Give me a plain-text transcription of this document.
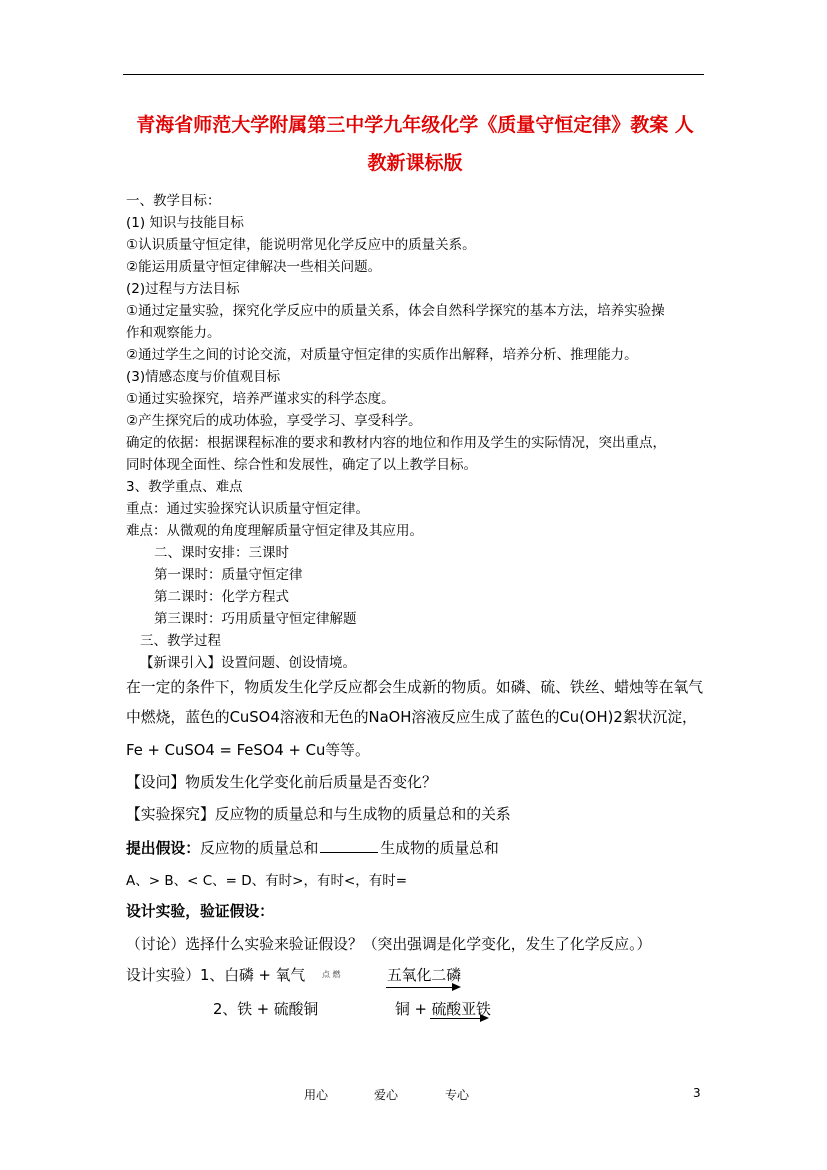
青海省师范大学附属第三中学九年级化学《质量守恒定律》教案 人
教新课标版
一、教学目标：
(1) 知识与技能目标
①认识质量守恒定律，能说明常见化学反应中的质量关系。
②能运用质量守恒定律解决一些相关问题。
(2)过程与方法目标
①通过定量实验，探究化学反应中的质量关系，体会自然科学探究的基本方法，培养实验操
作和观察能力。
②通过学生之间的讨论交流，对质量守恒定律的实质作出解释，培养分析、推理能力。
(3)情感态度与价值观目标
①通过实验探究，培养严谨求实的科学态度。
②产生探究后的成功体验，享受学习、享受科学。
确定的依据：根据课程标准的要求和教材内容的地位和作用及学生的实际情况，突出重点，
同时体现全面性、综合性和发展性，确定了以上教学目标。
3、教学重点、难点
重点：通过实验探究认识质量守恒定律。
难点：从微观的角度理解质量守恒定律及其应用。
二、课时安排：三课时
第一课时：质量守恒定律
第二课时：化学方程式
第三课时：巧用质量守恒定律解题
三、教学过程
【新课引入】设置问题、创设情境。
在一定的条件下，物质发生化学反应都会生成新的物质。如磷、硫、铁丝、蜡烛等在氧气
中燃烧，蓝色的CuSO4溶液和无色的NaOH溶液反应生成了蓝色的Cu(OH)2絮状沉淀，
Fe + CuSO4 = FeSO4 + Cu等等。
【设问】物质发生化学变化前后质量是否变化？
【实验探究】反应物的质量总和与生成物的质量总和的关系
提出假设：反应物的质量总和	生成物的质量总和
A、> B、< C、= D、有时>，有时<，有时=
设计实验，验证假设：
（讨论）选择什么实验来验证假设？（突出强调是化学变化，发生了化学反应。）
设计实验）1、白磷 + 氧气 点 燃	五氧化二磷
2、铁 + 硫酸铜	铜 + 硫酸亚铁
用心	爱心	专心	3
